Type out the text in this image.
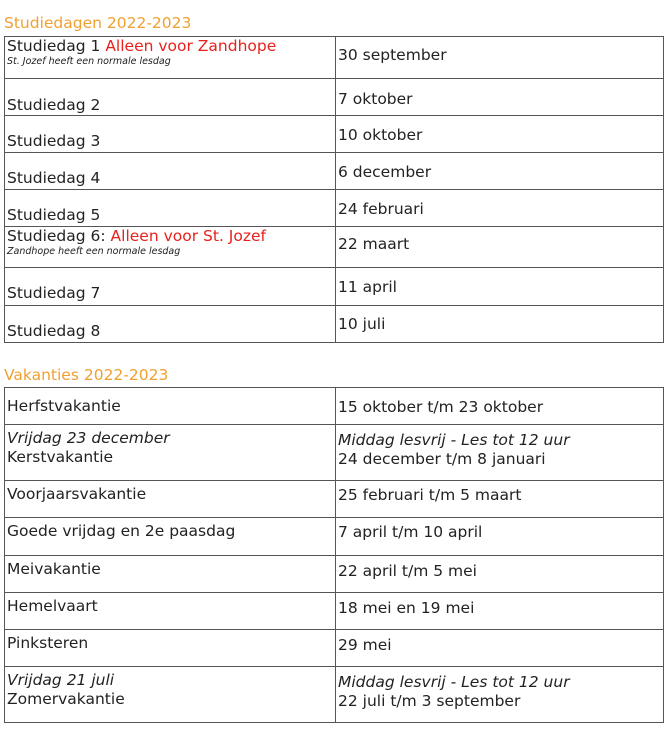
Studiedagen 2022-2023
Studiedag 1 Alleen voor Zandhope
St. Jozef heeft een normale lesdag	30 september

Studiedag 2	7 oktober

Studiedag 3	10 oktober

Studiedag 4	6 december

Studiedag 5	24 februari

Studiedag 6: Alleen voor St. Jozef
Zandhope heeft een normale lesdag	22 maart

Studiedag 7	11 april

Studiedag 8	10 juli
Vakanties 2022-2023
Herfstvakantie	15 oktober t/m 23 oktober

Vrijdag 23 december
Kerstvakantie	Middag lesvrij - Les tot 12 uur
24 december t/m 8 januari

Voorjaarsvakantie	25 februari t/m 5 maart

Goede vrijdag en 2e paasdag	7 april t/m 10 april

Meivakantie	22 april t/m 5 mei

Hemelvaart	18 mei en 19 mei

Pinksteren	29 mei

Vrijdag 21 juli
Zomervakantie	Middag lesvrij - Les tot 12 uur
22 juli t/m 3 september
